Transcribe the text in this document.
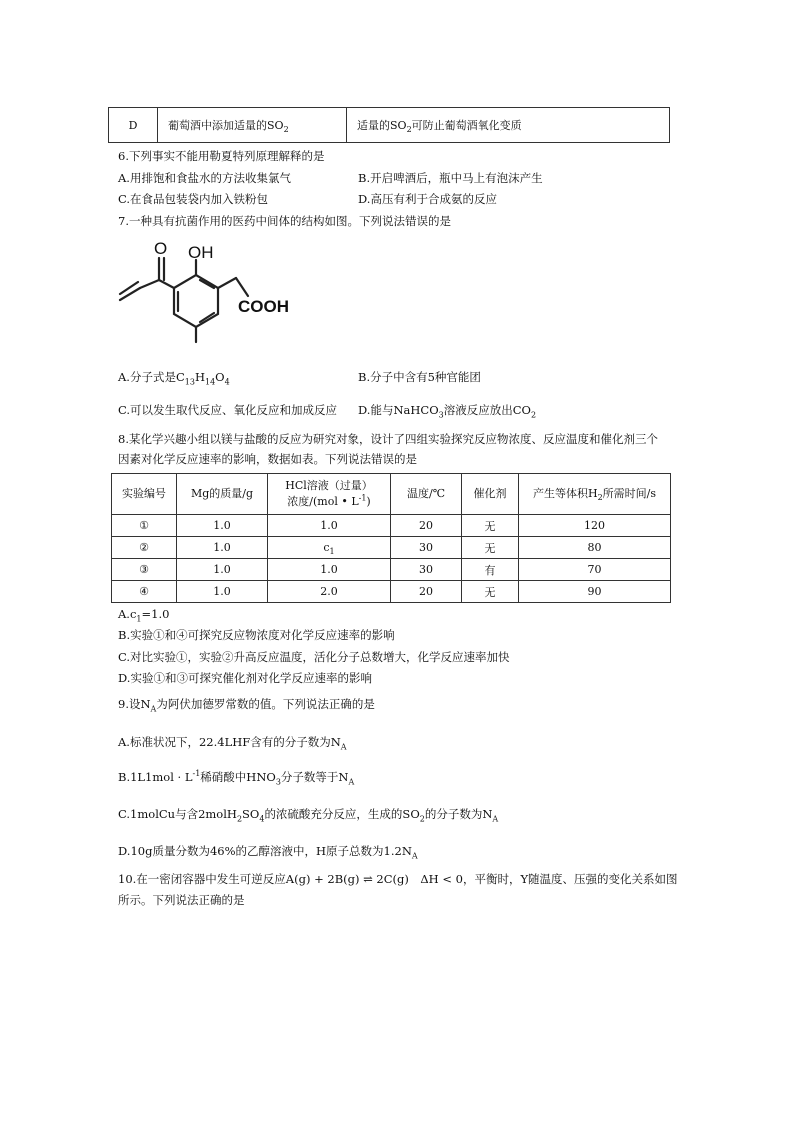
D	葡萄酒中添加适量的$SO_2$	适量的$SO_2$可防止葡萄酒氧化变质
6.下列事实不能用勒夏特列原理解释的是
A.用排饱和食盐水的方法收集氯气	B.开启啤酒后，瓶中马上有泡沫产生
C.在食品包装袋内加入铁粉包	D.高压有利于合成氨的反应
7.一种具有抗菌作用的医药中间体的结构如图。下列说法错误的是
O OH
COOH
A.分子式是$C_{13}H_{14}O_4$	B.分子中含有5种官能团
C.可以发生取代反应、氧化反应和加成反应 D.能与NaHCO$_3$溶液反应放出$CO_2$
8.某化学兴趣小组以镁与盐酸的反应为研究对象，设计了四组实验探究反应物浓度、反应温度和催化剂三个
因素对化学反应速率的影响，数据如表。下列说法错误的是
实验编号	Mg的质量/g	HCl溶液（过量）
浓度/(mol • $L^{-1}$)	温度/℃	催化剂	产生等体积$H_2$所需时间/s
①	1.0	1.0	20	无	120
②	1.0	$c_1$	30	无	80
③	1.0	1.0	30	有	70
④	1.0	2.0	20	无	90
$A.c_1=1.0$
B.实验①和④可探究反应物浓度对化学反应速率的影响
C.对比实验①，实验②升高反应温度，活化分子总数增大，化学反应速率加快
D.实验①和③可探究催化剂对化学反应速率的影响
9.设$N_A$为阿伏加德罗常数的值。下列说法正确的是
A.标准状况下，22.4LHF含有的分子数为$N_A$
$B.1L1mol \cdot L^{-1}$稀硝酸中$HNO_3$分子数等于$N_A$
C.1molCu与含$2molH_2SO_4$的浓硫酸充分反应，生成的$SO_2$的分子数为$N_A$
D.10g质量分数为46%的乙醇溶液中，H原子总数为$1.2N_A$
10.在一密闭容器中发生可逆反应A(g) + 2B(g) ⇌ 2C(g)　ΔH < 0，平衡时，Y随温度、压强的变化关系如图
所示。下列说法正确的是
